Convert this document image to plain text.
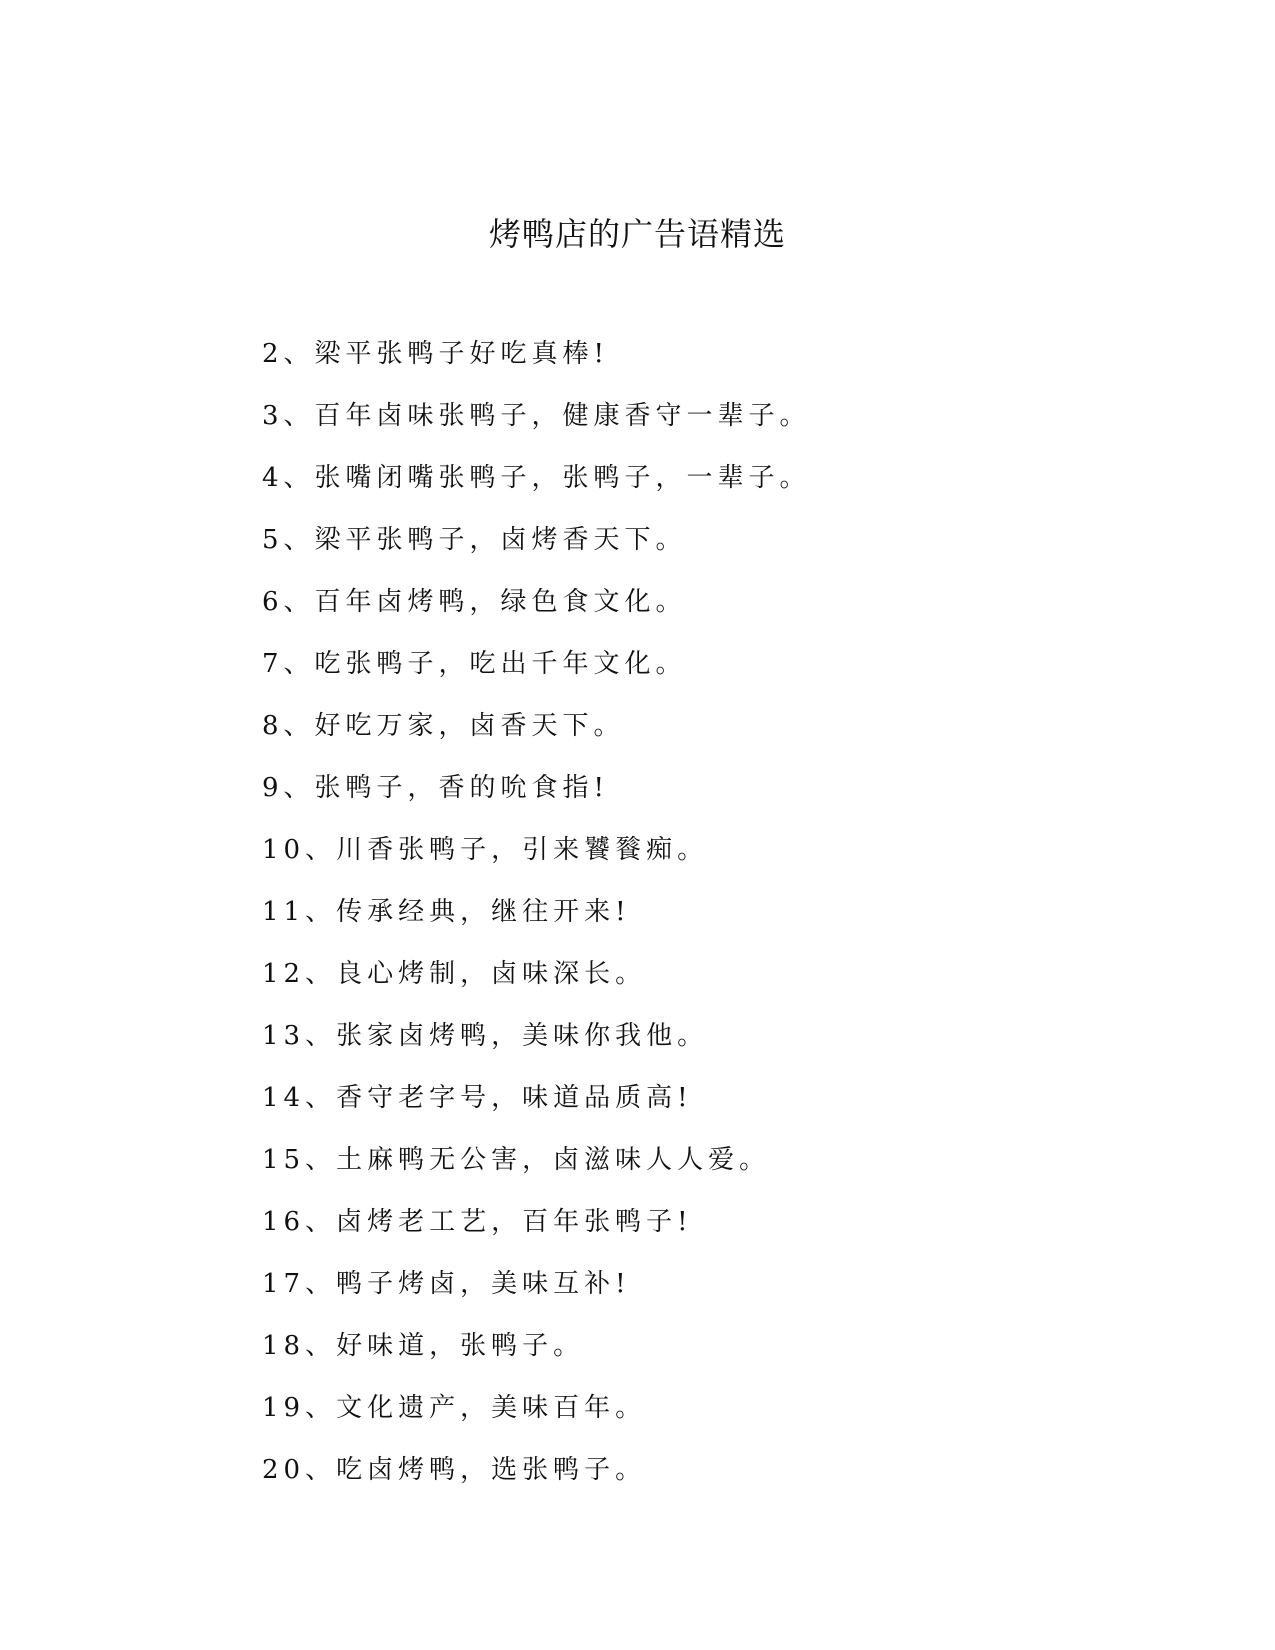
烤鸭店的广告语精选
2、梁平张鸭子好吃真棒!
3、百年卤味张鸭子，健康香守一辈子。
4、张嘴闭嘴张鸭子，张鸭子，一辈子。
5、梁平张鸭子，卤烤香天下。
6、百年卤烤鸭，绿色食文化。
7、吃张鸭子，吃出千年文化。
8、好吃万家，卤香天下。
9、张鸭子，香的吮食指!
10、川香张鸭子，引来饕餮痴。
11、传承经典，继往开来!
12、良心烤制，卤味深长。
13、张家卤烤鸭，美味你我他。
14、香守老字号，味道品质高!
15、土麻鸭无公害，卤滋味人人爱。
16、卤烤老工艺，百年张鸭子!
17、鸭子烤卤，美味互补!
18、好味道，张鸭子。
19、文化遗产，美味百年。
20、吃卤烤鸭，选张鸭子。
